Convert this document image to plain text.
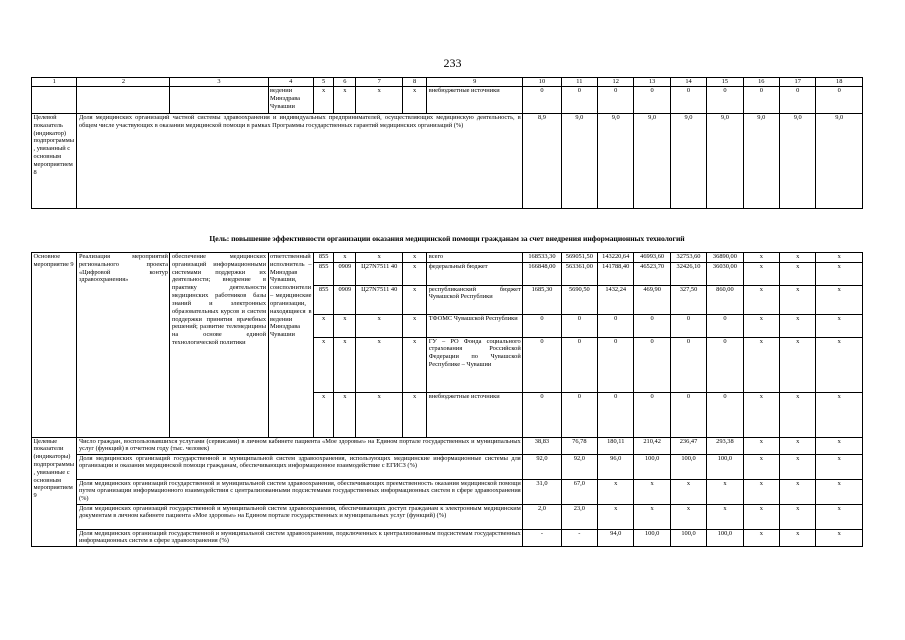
233
1	2	3	4	5	6	7	8	9	10	11	12	13	14	15	16	17	18
			ведении Минздрава Чувашии	x	x	x	x	внебюджетные источники	0	0	0	0	0	0	0	0	0
Целевой показатель (индикатор) подпрограммы, увязанный с основным мероприятием 8	Доля медицинских организаций частной системы здравоохранения и индивидуальных предпринимателей, осуществляющих медицинскую деятельность, в общем числе участвующих в оказании медицинской помощи в рамках Программы государственных гарантий медицинских организаций (%)								8,9	9,0	9,0	9,0	9,0	9,0	9,0	9,0	9,0
Цель: повышение эффективности организации оказания медицинской помощи гражданам за счет внедрения информационных технологий
Основное мероприятие 9	Реализация мероприятий регионального проекта «Цифровой контур здравоохранения»	обеспечение медицинских организаций информационными системами поддержки их деятельности; внедрение в практику деятельности медицинских работников базы знаний и электронных образовательных курсов и систем поддержки принятия врачебных решений; развитие телемедицины на основе единой технологической политики	ответственный исполнитель – Минздрав Чувашии, соисполнители – медицинские организации, находящиеся в ведении Минздрава Чувашии	855	x	x	x	всего	168533,30	569051,50	143220,64	46993,60	32753,60	36890,00	x	x	x
				855	0909	Ц27N7511 40	x	федеральный бюджет	166848,00	563361,00	141788,40	46523,70	32426,10	36030,00	x	x	x
				855	0909	Ц27N7511 40	x	республиканский бюджет Чувашской Республики	1685,30	5690,50	1432,24	469,90	327,50	860,00	x	x	x
				x	x	x	x	ТФОМС Чувашской Республики	0	0	0	0	0	0	x	x	x
				x	x	x	x	ГУ – РО Фонда социального страхования Российской Федерации по Чувашской Республике – Чувашии	0	0	0	0	0	0	x	x	x
				x	x	x	x	внебюджетные источники	0	0	0	0	0	0	x	x	x
Целевые показатели (индикаторы) подпрограммы, увязанные с основным мероприятием 9	Число граждан, воспользовавшихся услугами (сервисами) в личном кабинете пациента «Мое здоровье» на Едином портале государственных и муниципальных услуг (функций) в отчетном году (тыс. человек)								38,83	76,78	180,11	210,42	236,47	293,38	x	x	x
	Доля медицинских организаций государственной и муниципальной систем здравоохранения, использующих медицинские информационные системы для организации и оказания медицинской помощи гражданам, обеспечивающих информационное взаимодействие с ЕГИСЗ (%)								92,0	92,0	96,0	100,0	100,0	100,0	x	x	x
	Доля медицинских организаций государственной и муниципальной систем здравоохранения, обеспечивающих преемственность оказания медицинской помощи путем организации информационного взаимодействия с централизованными подсистемами государственных информационных систем в сфере здравоохранения (%)								31,0	67,0	x	x	x	x	x	x	x
	Доля медицинских организаций государственной и муниципальной систем здравоохранения, обеспечивающих доступ гражданам к электронным медицинским документам в личном кабинете пациента «Мое здоровье» на Едином портале государственных и муниципальных услуг (функций) (%)								2,0	23,0	x	x	x	x	x	x	x
	Доля медицинских организаций государственной и муниципальной систем здравоохранения, подключенных к централизованным подсистемам государственных информационных систем в сфере здравоохранения (%)								-	-	94,0	100,0	100,0	100,0	x	x	x
